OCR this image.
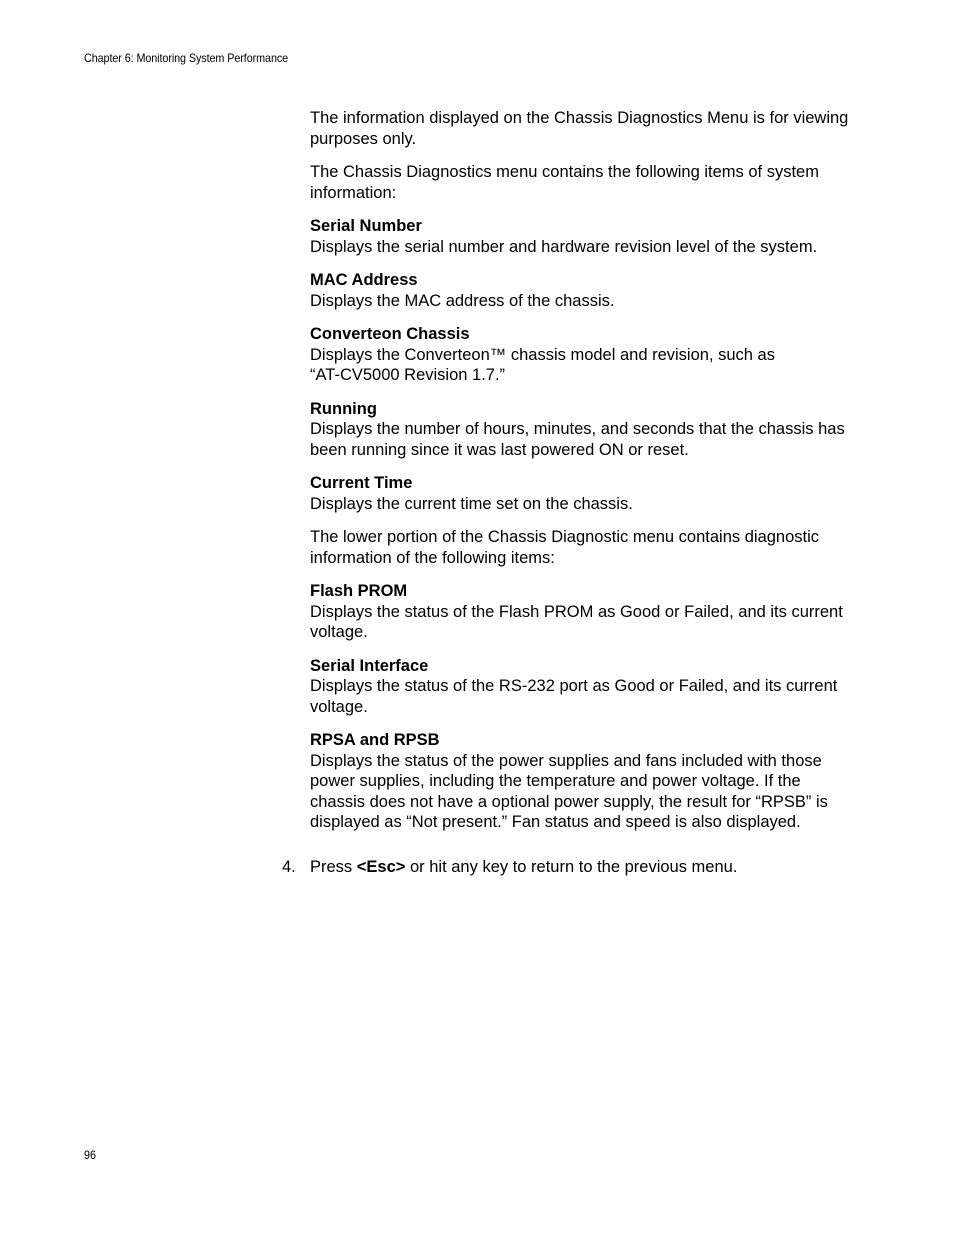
Chapter 6: Monitoring System Performance

The information displayed on the Chassis Diagnostics Menu is for viewing purposes only.

The Chassis Diagnostics menu contains the following items of system information:

Serial Number
Displays the serial number and hardware revision level of the system.
MAC Address
Displays the MAC address of the chassis.
Converteon Chassis
Displays the Converteon™ chassis model and revision, such as
“AT-CV5000 Revision 1.7.”
Running
Displays the number of hours, minutes, and seconds that the chassis has been running since it was last powered ON or reset.
Current Time
Displays the current time set on the chassis.

The lower portion of the Chassis Diagnostic menu contains diagnostic information of the following items:

Flash PROM
Displays the status of the Flash PROM as Good or Failed, and its current voltage.
Serial Interface
Displays the status of the RS-232 port as Good or Failed, and its current voltage.
RPSA and RPSB
Displays the status of the power supplies and fans included with those power supplies, including the temperature and power voltage. If the chassis does not have a optional power supply, the result for “RPSB” is displayed as “Not present.” Fan status and speed is also displayed.
4. Press <Esc> or hit any key to return to the previous menu.
96
